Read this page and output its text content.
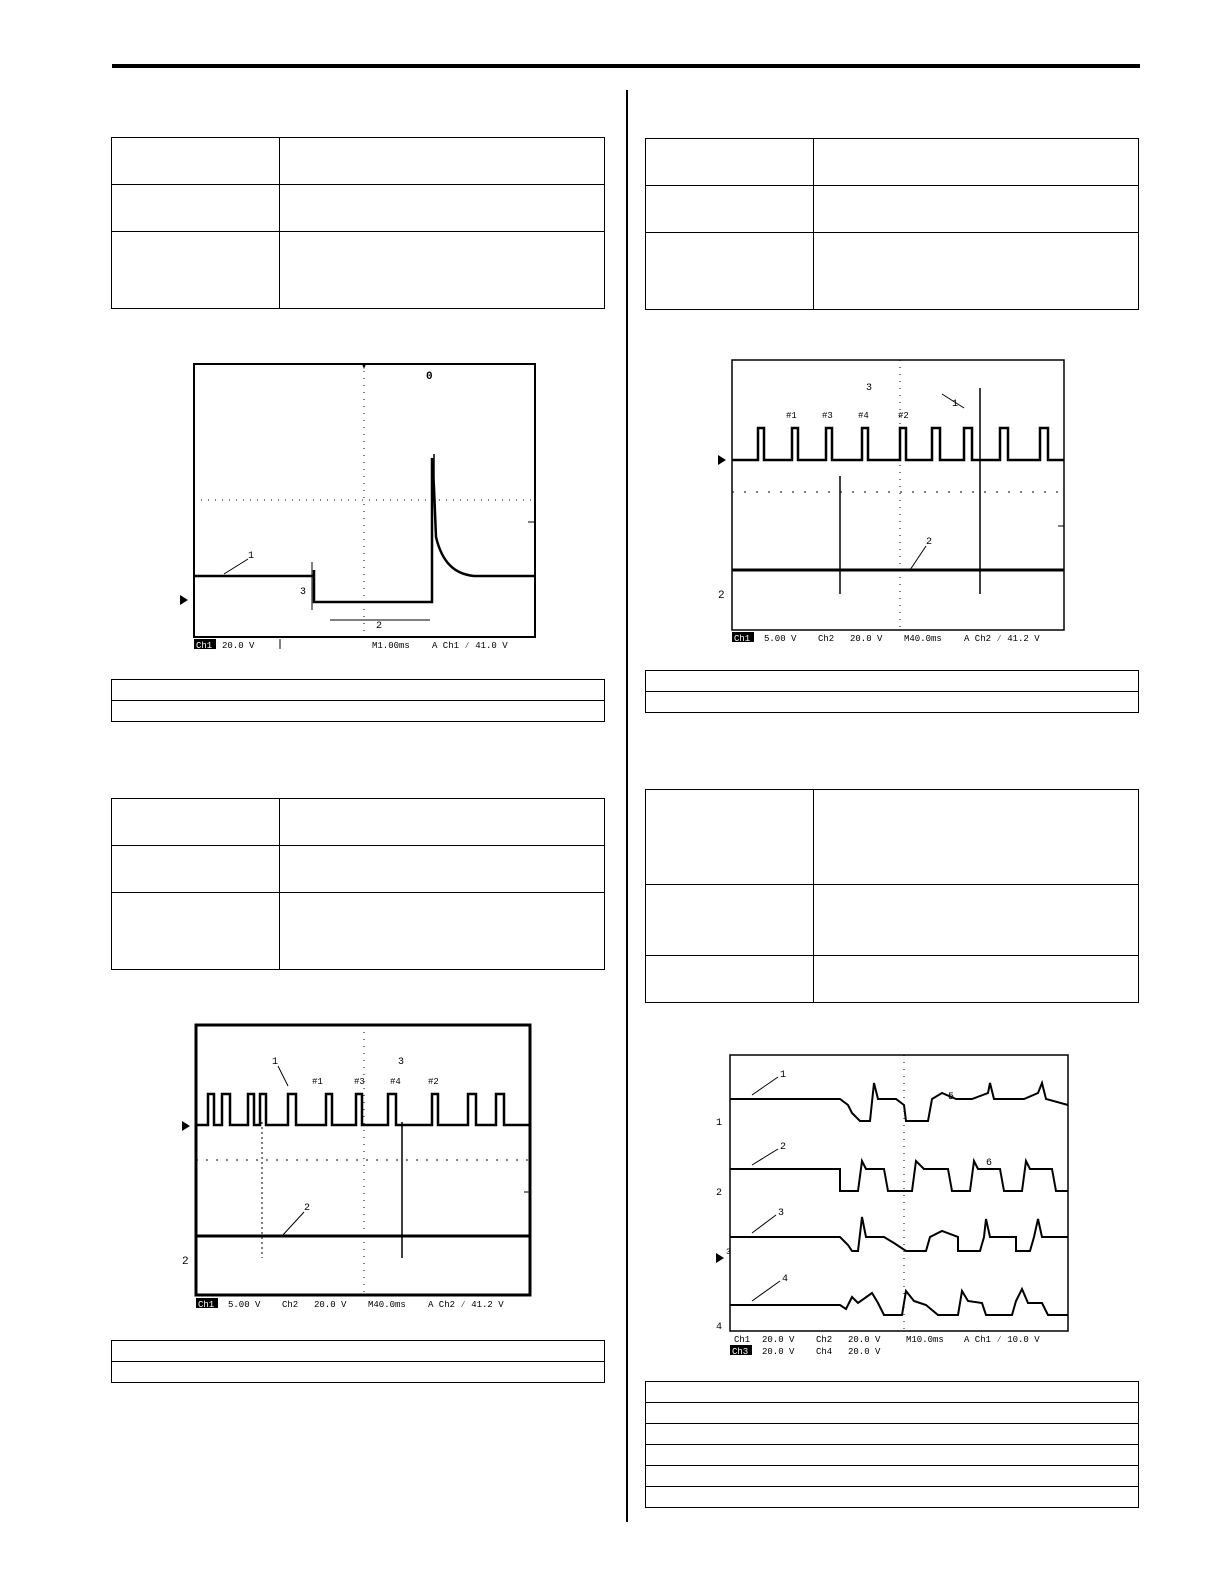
0
1
2
3
Ch1 20.0 V	M1.00ms A Ch1 ∕ 41.0 V

#1	#3	#4	#2
1
2
3
2
Ch1 5.00 V Ch2 20.0 V M40.0ms A Ch2 ∕ 41.2 V

#1	#3	#4	#2
1
2
3
2
Ch1 5.00 V Ch2 20.0 V M40.0ms A Ch2 ∕ 41.2 V

1
2
3
4
5
6
1
2
4
3
Ch1 20.0 V Ch2 20.0 V	M10.0ms A Ch1 ∕ 10.0 V
Ch3 20.0 V Ch4 20.0 V
